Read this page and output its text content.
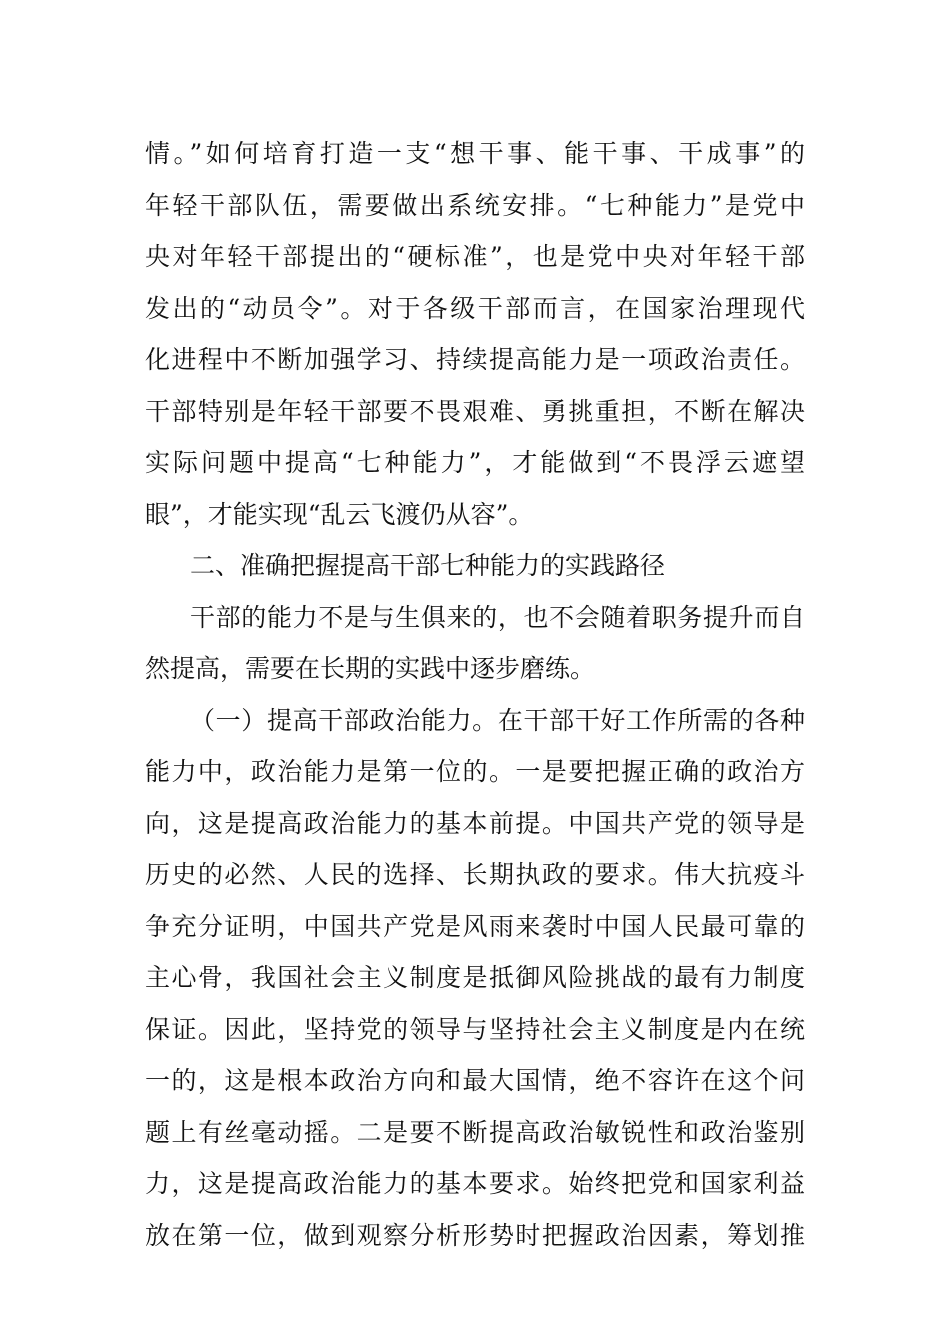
情。”如何培育打造一支“想干事、能干事、干成事”的
年轻干部队伍，需要做出系统安排。“七种能力”是党中
央对年轻干部提出的“硬标准”，也是党中央对年轻干部
发出的“动员令”。对于各级干部而言，在国家治理现代
化进程中不断加强学习、持续提高能力是一项政治责任。
干部特别是年轻干部要不畏艰难、勇挑重担，不断在解决
实际问题中提高“七种能力”，才能做到“不畏浮云遮望
眼”，才能实现“乱云飞渡仍从容”。
二、准确把握提高干部七种能力的实践路径
干部的能力不是与生俱来的，也不会随着职务提升而自
然提高，需要在长期的实践中逐步磨练。
（一）提高干部政治能力。在干部干好工作所需的各种
能力中，政治能力是第一位的。一是要把握正确的政治方
向，这是提高政治能力的基本前提。中国共产党的领导是
历史的必然、人民的选择、长期执政的要求。伟大抗疫斗
争充分证明，中国共产党是风雨来袭时中国人民最可靠的
主心骨，我国社会主义制度是抵御风险挑战的最有力制度
保证。因此，坚持党的领导与坚持社会主义制度是内在统
一的，这是根本政治方向和最大国情，绝不容许在这个问
题上有丝毫动摇。二是要不断提高政治敏锐性和政治鉴别
力，这是提高政治能力的基本要求。始终把党和国家利益
放在第一位，做到观察分析形势时把握政治因素，筹划推
